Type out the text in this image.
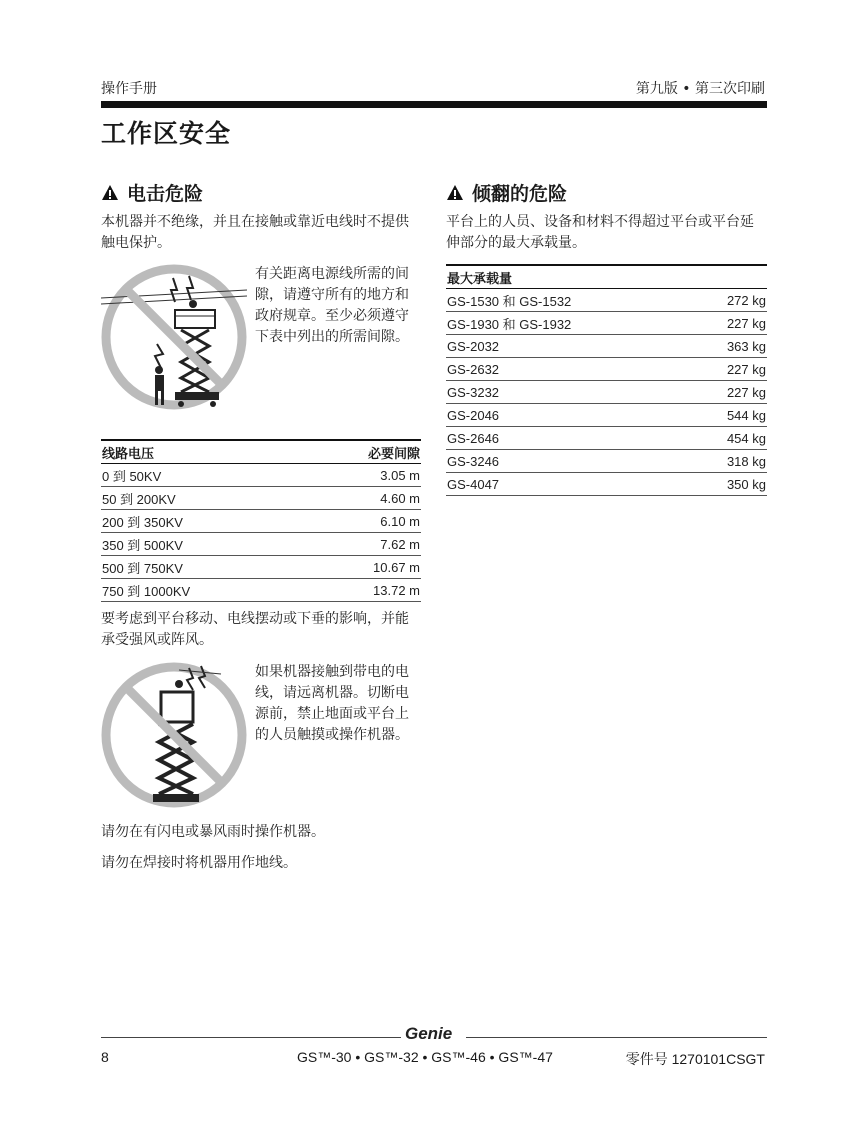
操作手册	第九版 • 第三次印刷
工作区安全
电击危险
本机器并不绝缘，并且在接触或靠近电线时不提供触电保护。
有关距离电源线所需的间隙，请遵守所有的地方和政府规章。至少必须遵守下表中列出的所需间隙。
线路电压	必要间隙
0 到 50KV	3.05 m
50 到 200KV	4.60 m
200 到 350KV	6.10 m
350 到 500KV	7.62 m
500 到 750KV	10.67 m
750 到 1000KV	13.72 m
要考虑到平台移动、电线摆动或下垂的影响，并能承受强风或阵风。
如果机器接触到带电的电线，请远离机器。切断电源前，禁止地面或平台上的人员触摸或操作机器。
请勿在有闪电或暴风雨时操作机器。
请勿在焊接时将机器用作地线。
倾翻的危险
平台上的人员、设备和材料不得超过平台或平台延伸部分的最大承载量。
最大承载量	
GS-1530 和 GS-1532	272 kg
GS-1930 和 GS-1932	227 kg
GS-2032	363 kg
GS-2632	227 kg
GS-3232	227 kg
GS-2046	544 kg
GS-2646	454 kg
GS-3246	318 kg
GS-4047	350 kg
Genie
8	GS™-30 • GS™-32 • GS™-46 • GS™-47	零件号 1270101CSGT
